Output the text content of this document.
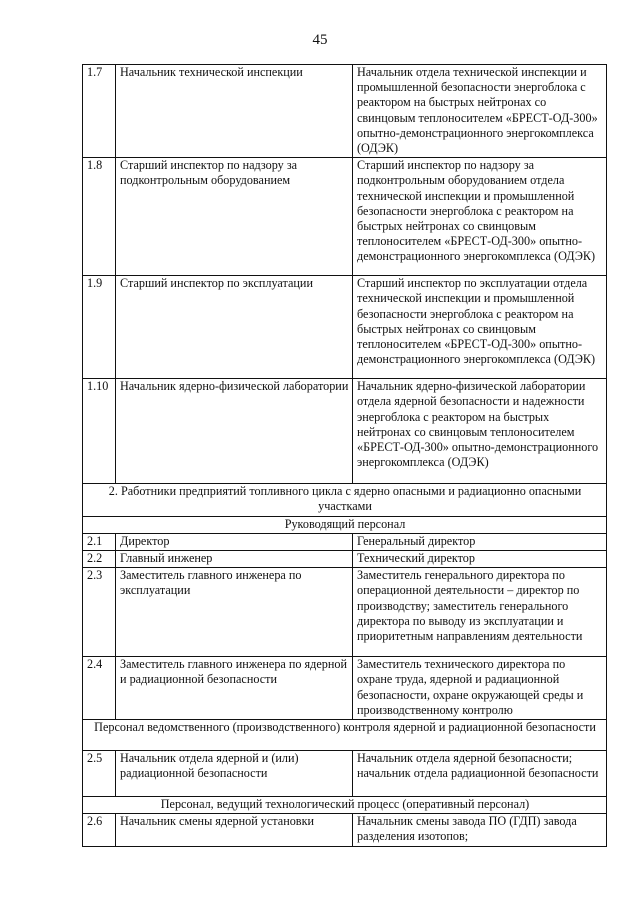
45
1.7	Начальник технической инспекции	Начальник отдела технической инспекции и промышленной безопасности энергоблока с реактором на быстрых нейтронах со свинцовым теплоносителем «БРЕСТ-ОД-300» опытно-демонстрационного энергокомплекса (ОДЭК)
1.8	Старший инспектор по надзору за подконтрольным оборудованием	Старший инспектор по надзору за подконтрольным оборудованием отдела технической инспекции и промышленной безопасности энергоблока с реактором на быстрых нейтронах со свинцовым теплоносителем «БРЕСТ-ОД-300» опытно-демонстрационного энергокомплекса (ОДЭК)
1.9	Старший инспектор по эксплуатации	Старший инспектор по эксплуатации отдела технической инспекции и промышленной безопасности энергоблока с реактором на быстрых нейтронах со свинцовым теплоносителем «БРЕСТ-ОД-300» опытно-демонстрационного энергокомплекса (ОДЭК)
1.10	Начальник ядерно-физической лаборатории	Начальник ядерно-физической лаборатории отдела ядерной безопасности и надежности энергоблока с реактором на быстрых нейтронах со свинцовым теплоносителем «БРЕСТ-ОД-300» опытно-демонстрационного энергокомплекса (ОДЭК)
2. Работники предприятий топливного цикла с ядерно опасными и радиационно опасными участками		
Руководящий персонал		
2.1	Директор	Генеральный директор
2.2	Главный инженер	Технический директор
2.3	Заместитель главного инженера по эксплуатации	Заместитель генерального директора по операционной деятельности – директор по производству; заместитель генерального директора по выводу из эксплуатации и приоритетным направлениям деятельности
2.4	Заместитель главного инженера по ядерной и радиационной безопасности	Заместитель технического директора по охране труда, ядерной и радиационной безопасности, охране окружающей среды и производственному контролю
Персонал ведомственного (производственного) контроля ядерной и радиационной безопасности		
2.5	Начальник отдела ядерной и (или) радиационной безопасности	Начальник отдела ядерной безопасности; начальник отдела радиационной безопасности
Персонал, ведущий технологический процесс (оперативный персонал)		
2.6	Начальник смены ядерной установки	Начальник смены завода ПО (ГДП) завода разделения изотопов;
